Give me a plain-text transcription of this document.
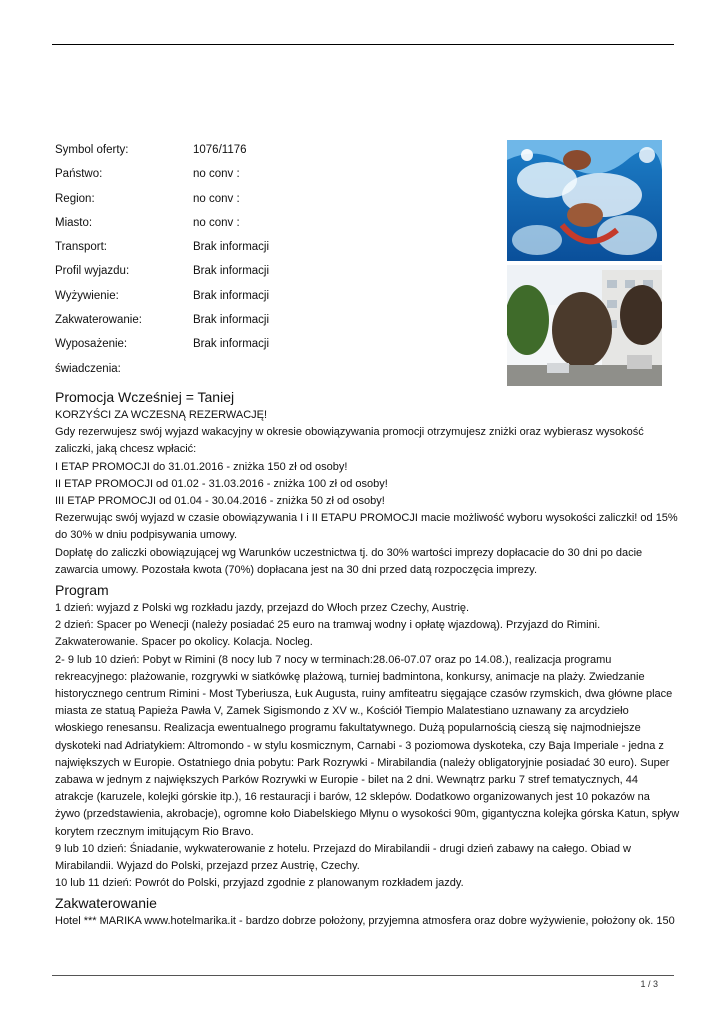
Symbol oferty:	1076/1176
Państwo:	no conv :
Region:	no conv :
Miasto:	no conv :
Transport:	Brak informacji
Profil wyjazdu:	Brak informacji
Wyżywienie:	Brak informacji
Zakwaterowanie:	Brak informacji
Wyposażenie:	Brak informacji
świadczenia:
Promocja Wcześniej = Taniej
KORZYŚCI ZA WCZESNĄ REZERWACJĘ!
Gdy rezerwujesz swój wyjazd wakacyjny w okresie obowiązywania promocji otrzymujesz zniżki oraz wybierasz wysokość
zaliczki, jaką chcesz wpłacić:
I ETAP PROMOCJI do 31.01.2016 - zniżka 150 zł od osoby!
II ETAP PROMOCJI od 01.02 - 31.03.2016 - zniżka 100 zł od osoby!
III ETAP PROMOCJI od 01.04 - 30.04.2016 - zniżka 50 zł od osoby!
Rezerwując swój wyjazd w czasie obowiązywania I i II ETAPU PROMOCJI macie możliwość wyboru wysokości zaliczki! od 15%
do 30% w dniu podpisywania umowy.
Dopłatę do zaliczki obowiązującej wg Warunków uczestnictwa tj. do 30% wartości imprezy dopłacacie do 30 dni po dacie
zawarcia umowy. Pozostała kwota (70%) dopłacana jest na 30 dni przed datą rozpoczęcia imprezy.
Program
1 dzień: wyjazd z Polski wg rozkładu jazdy, przejazd do Włoch przez Czechy, Austrię.
2 dzień: Spacer po Wenecji (należy posiadać 25 euro na tramwaj wodny i opłatę wjazdową). Przyjazd do Rimini.
Zakwaterowanie. Spacer po okolicy. Kolacja. Nocleg.
2- 9 lub 10 dzień: Pobyt w Rimini (8 nocy lub 7 nocy w terminach:28.06-07.07 oraz po 14.08.), realizacja programu
rekreacyjnego: plażowanie, rozgrywki w siatkówkę plażową, turniej badmintona, konkursy, animacje na plaży. Zwiedzanie
historycznego centrum Rimini - Most Tyberiusza, Łuk Augusta, ruiny amfiteatru sięgające czasów rzymskich, dwa główne place
miasta ze statuą Papieża Pawła V, Zamek Sigismondo z XV w., Kościół Tiempio Malatestiano uznawany za arcydzieło
włoskiego renesansu. Realizacja ewentualnego programu fakultatywnego. Dużą popularnością cieszą się najmodniejsze
dyskoteki nad Adriatykiem: Altromondo - w stylu kosmicznym, Carnabi - 3 poziomowa dyskoteka, czy Baja Imperiale - jedna z
największych w Europie. Ostatniego dnia pobytu: Park Rozrywki - Mirabilandia (należy obligatoryjnie posiadać 30 euro). Super
zabawa w jednym z największych Parków Rozrywki w Europie - bilet na 2 dni. Wewnątrz parku 7 stref tematycznych, 44
atrakcje (karuzele, kolejki górskie itp.), 16 restauracji i barów, 12 sklepów. Dodatkowo organizowanych jest 10 pokazów na
żywo (przedstawienia, akrobacje), ogromne koło Diabelskiego Młynu o wysokości 90m, gigantyczna kolejka górska Katun, spływ
korytem rzecznym imitującym Rio Bravo.
9 lub 10 dzień: Śniadanie, wykwaterowanie z hotelu. Przejazd do Mirabilandii - drugi dzień zabawy na całego. Obiad w
Mirabilandii. Wyjazd do Polski, przejazd przez Austrię, Czechy.
10 lub 11 dzień: Powrót do Polski, przyjazd zgodnie z planowanym rozkładem jazdy.
Zakwaterowanie
Hotel *** MARIKA www.hotelmarika.it - bardzo dobrze położony, przyjemna atmosfera oraz dobre wyżywienie, położony ok. 150
1 / 3
